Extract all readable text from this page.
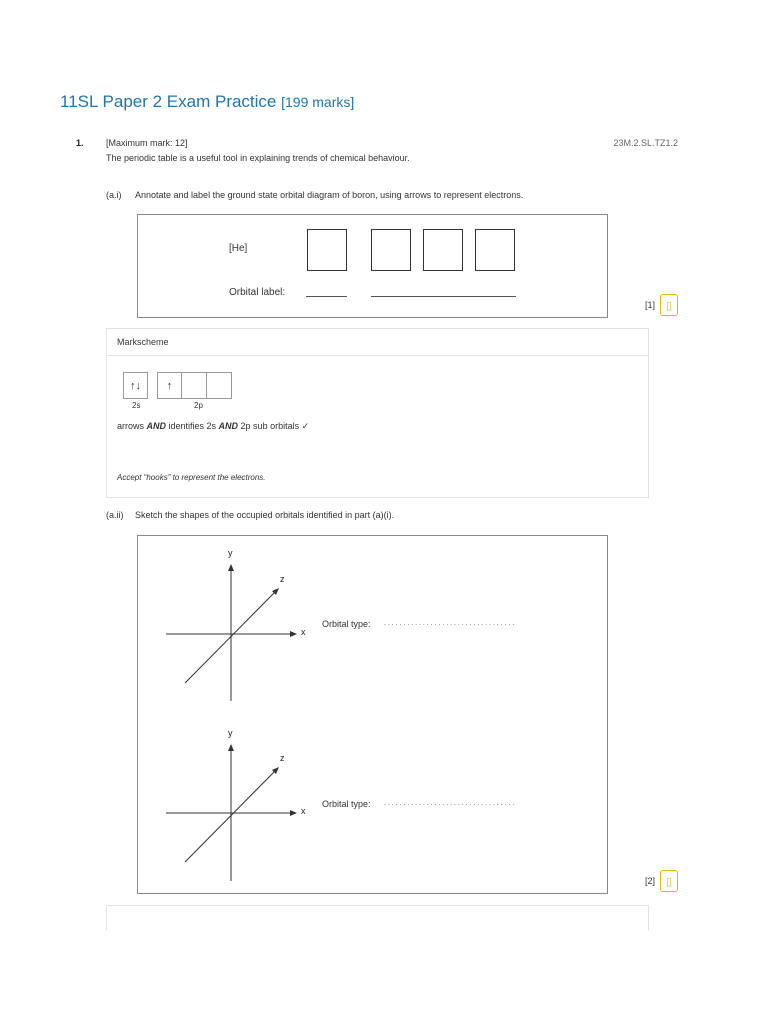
11SL Paper 2 Exam Practice [199 marks]
1. [Maximum mark: 12]	23M.2.SL.TZ1.2
The periodic table is a useful tool in explaining trends of chemical behaviour.
(a.i) Annotate and label the ground state orbital diagram of boron, using arrows to represent electrons.
[He]
Orbital label:
[1] ▯
Markscheme
↑↓	↑
2s	2p
arrows AND identifies 2s AND 2p sub orbitals ✓
Accept “hooks” to represent the electrons.
(a.ii) Sketch the shapes of the occupied orbitals identified in part (a)(i).
y
x
z
Orbital type: . . . . . . . . . . . . . . . . . . . . . . . . . . . . . . . . . .
y
x
z
Orbital type: . . . . . . . . . . . . . . . . . . . . . . . . . . . . . . . . . .
[2] ▯
